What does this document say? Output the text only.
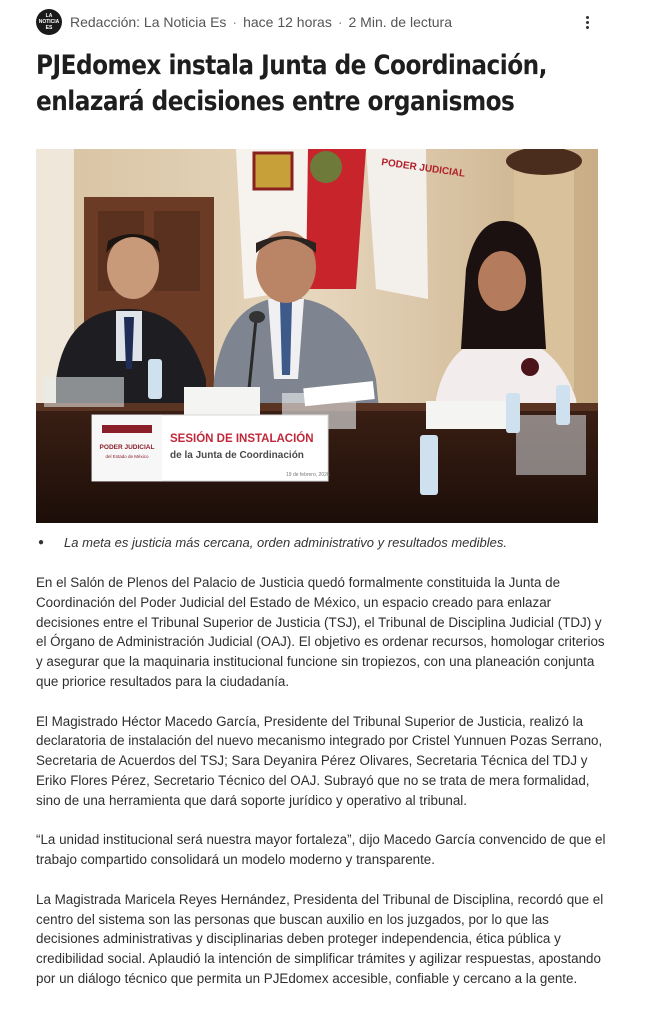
LA NOTICIA ES	Redacción: La Noticia Es · hace 12 horas · 2 Min. de lectura
PJEdomex instala Junta de Coordinación, enlazará decisiones entre organismos
PODER JUDICIAL
PODER JUDICIAL
del Estado de México
SESIÓN DE INSTALACIÓN
de la Junta de Coordinación
19 de febrero, 2026
● La meta es justicia más cercana, orden administrativo y resultados medibles.

En el Salón de Plenos del Palacio de Justicia quedó formalmente constituida la Junta de Coordinación del Poder Judicial del Estado de México, un espacio creado para enlazar decisiones entre el Tribunal Superior de Justicia (TSJ), el Tribunal de Disciplina Judicial (TDJ) y el Órgano de Administración Judicial (OAJ). El objetivo es ordenar recursos, homologar criterios y asegurar que la maquinaria institucional funcione sin tropiezos, con una planeación conjunta que priorice resultados para la ciudadanía.

El Magistrado Héctor Macedo García, Presidente del Tribunal Superior de Justicia, realizó la declaratoria de instalación del nuevo mecanismo integrado por Cristel Yunnuen Pozas Serrano, Secretaria de Acuerdos del TSJ; Sara Deyanira Pérez Olivares, Secretaria Técnica del TDJ y Eriko Flores Pérez, Secretario Técnico del OAJ. Subrayó que no se trata de mera formalidad, sino de una herramienta que dará soporte jurídico y operativo al tribunal.

“La unidad institucional será nuestra mayor fortaleza”, dijo Macedo García convencido de que el trabajo compartido consolidará un modelo moderno y transparente.

La Magistrada Maricela Reyes Hernández, Presidenta del Tribunal de Disciplina, recordó que el centro del sistema son las personas que buscan auxilio en los juzgados, por lo que las decisiones administrativas y disciplinarias deben proteger independencia, ética pública y credibilidad social. Aplaudió la intención de simplificar trámites y agilizar respuestas, apostando por un diálogo técnico que permita un PJEdomex accesible, confiable y cercano a la gente.
